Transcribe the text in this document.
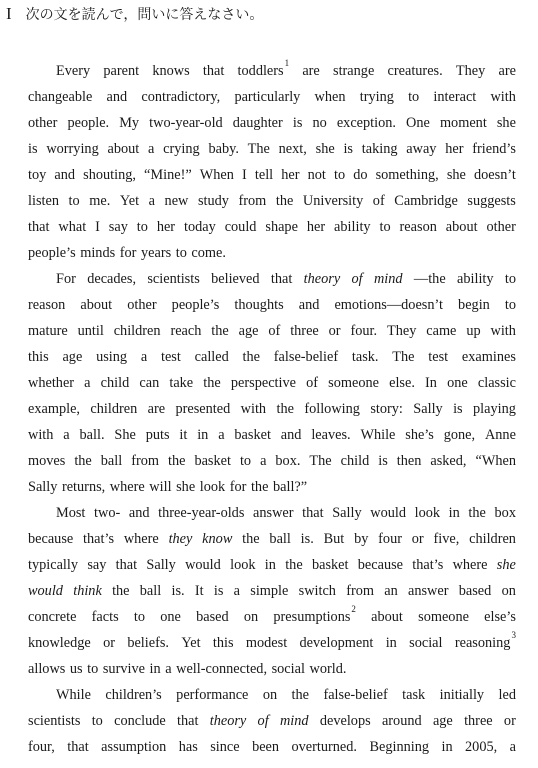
I 次の文を読んで，問いに答えなさい。
Every parent knows that toddlers$^1$ are strange creatures. They are
changeable and contradictory, particularly when trying to interact with
other people. My two-year-old daughter is no exception. One moment she
is worrying about a crying baby. The next, she is taking away her friend’s
toy and shouting, “Mine!” When I tell her not to do something, she doesn’t
listen to me. Yet a new study from the University of Cambridge suggests
that what I say to her today could shape her ability to reason about other
people’s minds for years to come.
For decades, scientists believed that theory of mind —the ability to
reason about other people’s thoughts and emotions—doesn’t begin to
mature until children reach the age of three or four. They came up with
this age using a test called the false-belief task. The test examines
whether a child can take the perspective of someone else. In one classic
example, children are presented with the following story: Sally is playing
with a ball. She puts it in a basket and leaves. While she’s gone, Anne
moves the ball from the basket to a box. The child is then asked, “When
Sally returns, where will she look for the ball?”
Most two- and three-year-olds answer that Sally would look in the box
because that’s where they know the ball is. But by four or five, children
typically say that Sally would look in the basket because that’s where she
would think the ball is. It is a simple switch from an answer based on
concrete facts to one based on presumptions$^2$ about someone else’s
knowledge or beliefs. Yet this modest development in social reasoning$^3$
allows us to survive in a well-connected, social world.
While children’s performance on the false-belief task initially led
scientists to conclude that theory of mind develops around age three or
four, that assumption has since been overturned. Beginning in 2005, a
